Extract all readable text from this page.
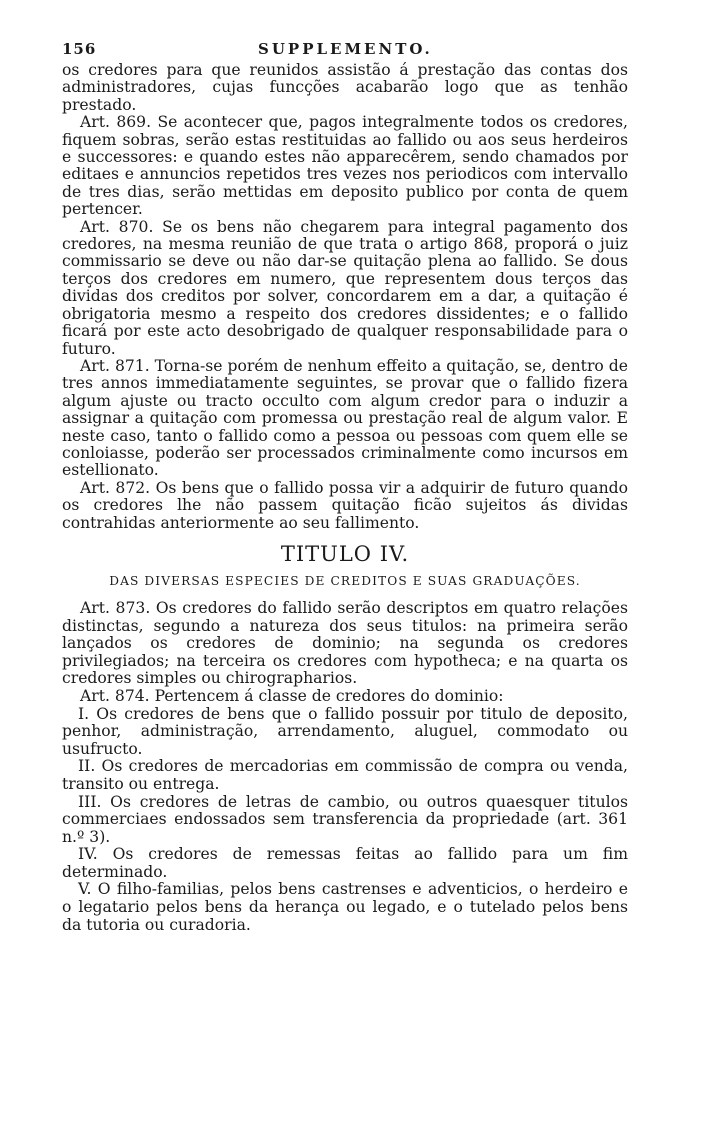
156	SUPPLEMENTO.

os credores para que reunidos assistão á prestação das contas dos administradores, cujas funcções acabarão logo que as tenhão prestado.

Art. 869. Se acontecer que, pagos integralmente todos os credores, fiquem sobras, serão estas restituidas ao fallido ou aos seus herdeiros e successores: e quando estes não apparecêrem, sendo chamados por editaes e annuncios repetidos tres vezes nos periodicos com intervallo de tres dias, serão mettidas em deposito publico por conta de quem pertencer.

Art. 870. Se os bens não chegarem para integral pagamento dos credores, na mesma reunião de que trata o artigo 868, proporá o juiz commissario se deve ou não dar-se quitação plena ao fallido. Se dous terços dos credores em numero, que representem dous terços das dividas dos creditos por solver, concordarem em a dar, a quitação é obrigatoria mesmo a respeito dos credores dissidentes; e o fallido ficará por este acto desobrigado de qualquer responsabilidade para o futuro.

Art. 871. Torna-se porém de nenhum effeito a quitação, se, dentro de tres annos immediatamente seguintes, se provar que o fallido fizera algum ajuste ou tracto occulto com algum credor para o induzir a assignar a quitação com promessa ou prestação real de algum valor. E neste caso, tanto o fallido como a pessoa ou pessoas com quem elle se conloiasse, poderão ser processados criminalmente como incursos em estellionato.

Art. 872. Os bens que o fallido possa vir a adquirir de futuro quando os credores lhe não passem quitação ficão sujeitos ás dividas contrahidas anteriormente ao seu fallimento.

TITULO IV.
DAS DIVERSAS ESPECIES DE CREDITOS E SUAS GRADUAÇÕES.

Art. 873. Os credores do fallido serão descriptos em quatro relações distinctas, segundo a natureza dos seus titulos: na primeira serão lançados os credores de dominio; na segunda os credores privilegiados; na terceira os credores com hypotheca; e na quarta os credores simples ou chirographarios.

Art. 874. Pertencem á classe de credores do dominio:

I. Os credores de bens que o fallido possuir por titulo de deposito, penhor, administração, arrendamento, aluguel, commodato ou usufructo.

II. Os credores de mercadorias em commissão de compra ou venda, transito ou entrega.

III. Os credores de letras de cambio, ou outros quaesquer titulos commerciaes endossados sem transferencia da propriedade (art. 361 n.º 3).

IV. Os credores de remessas feitas ao fallido para um fim determinado.

V. O filho-familias, pelos bens castrenses e adventicios, o herdeiro e o legatario pelos bens da herança ou legado, e o tutelado pelos bens da tutoria ou curadoria.
